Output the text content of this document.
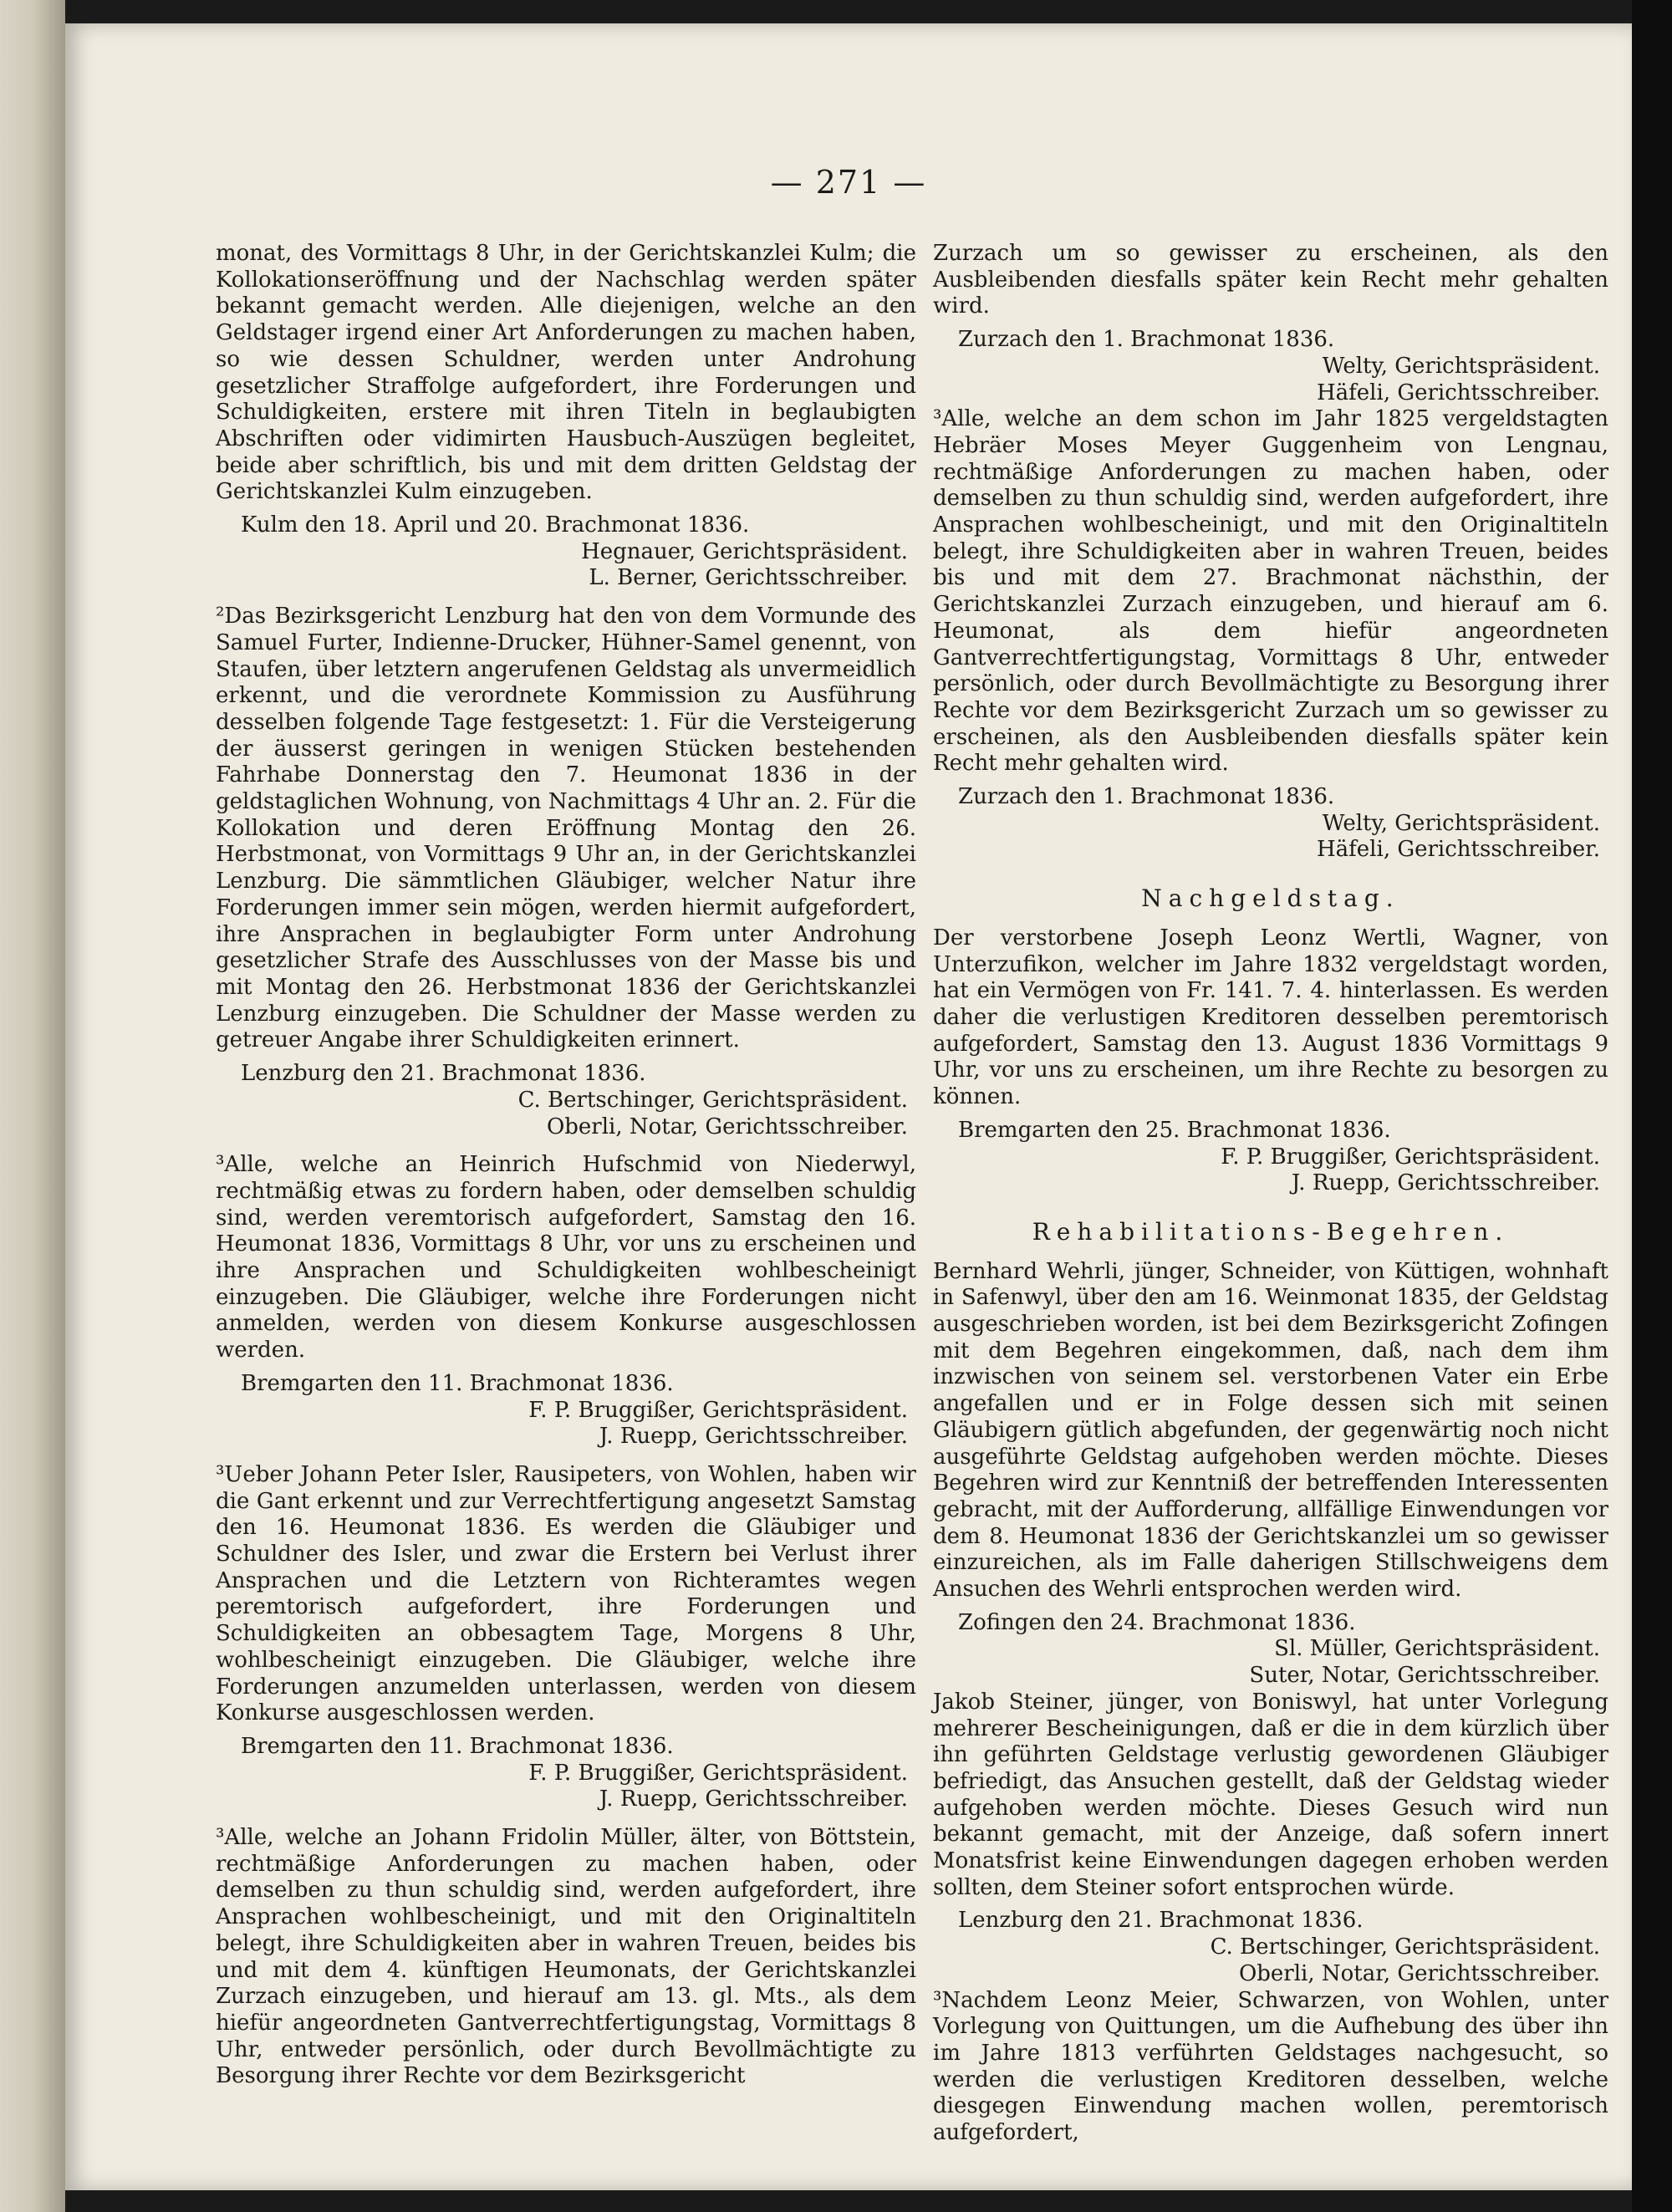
— 271 —

monat, des Vormittags 8 Uhr, in der Gerichtskanzlei Kulm; die Kollokationseröffnung und der Nachschlag werden später bekannt gemacht werden. Alle diejenigen, welche an den Geldstager irgend einer Art Anforderungen zu machen haben, so wie dessen Schuldner, werden unter Androhung gesetzlicher Straffolge aufgefordert, ihre Forderungen und Schuldigkeiten, erstere mit ihren Titeln in beglaubigten Abschriften oder vidimirten Hausbuch-Auszügen begleitet, beide aber schriftlich, bis und mit dem dritten Geldstag der Gerichtskanzlei Kulm einzugeben.

Kulm den 18. April und 20. Brachmonat 1836.

Hegnauer, Gerichtspräsident.

L. Berner, Gerichtsschreiber.

²Das Bezirksgericht Lenzburg hat den von dem Vormunde des Samuel Furter, Indienne-Drucker, Hühner-Samel genennt, von Staufen, über letztern angerufenen Geldstag als unvermeidlich erkennt, und die verordnete Kommission zu Ausführung desselben folgende Tage festgesetzt: 1. Für die Versteigerung der äusserst geringen in wenigen Stücken bestehenden Fahrhabe Donnerstag den 7. Heumonat 1836 in der geldstaglichen Wohnung, von Nachmittags 4 Uhr an. 2. Für die Kollokation und deren Eröffnung Montag den 26. Herbstmonat, von Vormittags 9 Uhr an, in der Gerichtskanzlei Lenzburg. Die sämmtlichen Gläubiger, welcher Natur ihre Forderungen immer sein mögen, werden hiermit aufgefordert, ihre Ansprachen in beglaubigter Form unter Androhung gesetzlicher Strafe des Ausschlusses von der Masse bis und mit Montag den 26. Herbstmonat 1836 der Gerichtskanzlei Lenzburg einzugeben. Die Schuldner der Masse werden zu getreuer Angabe ihrer Schuldigkeiten erinnert.

Lenzburg den 21. Brachmonat 1836.

C. Bertschinger, Gerichtspräsident.

Oberli, Notar, Gerichtsschreiber.

³Alle, welche an Heinrich Hufschmid von Niederwyl, rechtmäßig etwas zu fordern haben, oder demselben schuldig sind, werden veremtorisch aufgefordert, Samstag den 16. Heumonat 1836, Vormittags 8 Uhr, vor uns zu erscheinen und ihre Ansprachen und Schuldigkeiten wohlbescheinigt einzugeben. Die Gläubiger, welche ihre Forderungen nicht anmelden, werden von diesem Konkurse ausgeschlossen werden.

Bremgarten den 11. Brachmonat 1836.

F. P. Bruggißer, Gerichtspräsident.

J. Ruepp, Gerichtsschreiber.

³Ueber Johann Peter Isler, Rausipeters, von Wohlen, haben wir die Gant erkennt und zur Verrechtfertigung angesetzt Samstag den 16. Heumonat 1836. Es werden die Gläubiger und Schuldner des Isler, und zwar die Erstern bei Verlust ihrer Ansprachen und die Letztern von Richteramtes wegen peremtorisch aufgefordert, ihre Forderungen und Schuldigkeiten an obbesagtem Tage, Morgens 8 Uhr, wohlbescheinigt einzugeben. Die Gläubiger, welche ihre Forderungen anzumelden unterlassen, werden von diesem Konkurse ausgeschlossen werden.

Bremgarten den 11. Brachmonat 1836.

F. P. Bruggißer, Gerichtspräsident.

J. Ruepp, Gerichtsschreiber.

³Alle, welche an Johann Fridolin Müller, älter, von Böttstein, rechtmäßige Anforderungen zu machen haben, oder demselben zu thun schuldig sind, werden aufgefordert, ihre Ansprachen wohlbescheinigt, und mit den Originaltiteln belegt, ihre Schuldigkeiten aber in wahren Treuen, beides bis und mit dem 4. künftigen Heumonats, der Gerichtskanzlei Zurzach einzugeben, und hierauf am 13. gl. Mts., als dem hiefür angeordneten Gantverrechtfertigungstag, Vormittags 8 Uhr, entweder persönlich, oder durch Bevollmächtigte zu Besorgung ihrer Rechte vor dem Bezirksgericht

Zurzach um so gewisser zu erscheinen, als den Ausbleibenden diesfalls später kein Recht mehr gehalten wird.

Zurzach den 1. Brachmonat 1836.

Welty, Gerichtspräsident.

Häfeli, Gerichtsschreiber.

³Alle, welche an dem schon im Jahr 1825 vergeldstagten Hebräer Moses Meyer Guggenheim von Lengnau, rechtmäßige Anforderungen zu machen haben, oder demselben zu thun schuldig sind, werden aufgefordert, ihre Ansprachen wohlbescheinigt, und mit den Originaltiteln belegt, ihre Schuldigkeiten aber in wahren Treuen, beides bis und mit dem 27. Brachmonat nächsthin, der Gerichtskanzlei Zurzach einzugeben, und hierauf am 6. Heumonat, als dem hiefür angeordneten Gantverrechtfertigungstag, Vormittags 8 Uhr, entweder persönlich, oder durch Bevollmächtigte zu Besorgung ihrer Rechte vor dem Bezirksgericht Zurzach um so gewisser zu erscheinen, als den Ausbleibenden diesfalls später kein Recht mehr gehalten wird.

Zurzach den 1. Brachmonat 1836.

Welty, Gerichtspräsident.

Häfeli, Gerichtsschreiber.

Nachgeldstag.

Der verstorbene Joseph Leonz Wertli, Wagner, von Unterzufikon, welcher im Jahre 1832 vergeldstagt worden, hat ein Vermögen von Fr. 141. 7. 4. hinterlassen. Es werden daher die verlustigen Kreditoren desselben peremtorisch aufgefordert, Samstag den 13. August 1836 Vormittags 9 Uhr, vor uns zu erscheinen, um ihre Rechte zu besorgen zu können.

Bremgarten den 25. Brachmonat 1836.

F. P. Bruggißer, Gerichtspräsident.

J. Ruepp, Gerichtsschreiber.

Rehabilitations-Begehren.

Bernhard Wehrli, jünger, Schneider, von Küttigen, wohnhaft in Safenwyl, über den am 16. Weinmonat 1835, der Geldstag ausgeschrieben worden, ist bei dem Bezirksgericht Zofingen mit dem Begehren eingekommen, daß, nach dem ihm inzwischen von seinem sel. verstorbenen Vater ein Erbe angefallen und er in Folge dessen sich mit seinen Gläubigern gütlich abgefunden, der gegenwärtig noch nicht ausgeführte Geldstag aufgehoben werden möchte. Dieses Begehren wird zur Kenntniß der betreffenden Interessenten gebracht, mit der Aufforderung, allfällige Einwendungen vor dem 8. Heumonat 1836 der Gerichtskanzlei um so gewisser einzureichen, als im Falle daherigen Stillschweigens dem Ansuchen des Wehrli entsprochen werden wird.

Zofingen den 24. Brachmonat 1836.

Sl. Müller, Gerichtspräsident.

Suter, Notar, Gerichtsschreiber.

Jakob Steiner, jünger, von Boniswyl, hat unter Vorlegung mehrerer Bescheinigungen, daß er die in dem kürzlich über ihn geführten Geldstage verlustig gewordenen Gläubiger befriedigt, das Ansuchen gestellt, daß der Geldstag wieder aufgehoben werden möchte. Dieses Gesuch wird nun bekannt gemacht, mit der Anzeige, daß sofern innert Monatsfrist keine Einwendungen dagegen erhoben werden sollten, dem Steiner sofort entsprochen würde.

Lenzburg den 21. Brachmonat 1836.

C. Bertschinger, Gerichtspräsident.

Oberli, Notar, Gerichtsschreiber.

³Nachdem Leonz Meier, Schwarzen, von Wohlen, unter Vorlegung von Quittungen, um die Aufhebung des über ihn im Jahre 1813 verführten Geldstages nachgesucht, so werden die verlustigen Kreditoren desselben, welche diesgegen Einwendung machen wollen, peremtorisch aufgefordert,
